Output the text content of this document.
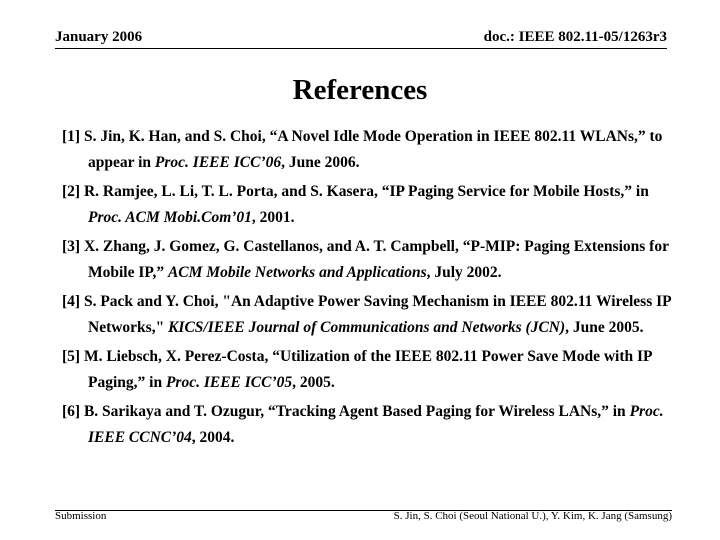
January 2006	doc.: IEEE 802.11-05/1263r3
References
[1] S. Jin, K. Han, and S. Choi, “A Novel Idle Mode Operation in IEEE 802.11 WLANs,” to appear in Proc. IEEE ICC’06, June 2006.
[2] R. Ramjee, L. Li, T. L. Porta, and S. Kasera, “IP Paging Service for Mobile Hosts,” in Proc. ACM Mobi.Com’01, 2001.
[3] X. Zhang, J. Gomez, G. Castellanos, and A. T. Campbell, “P-MIP: Paging Extensions for Mobile IP,” ACM Mobile Networks and Applications, July 2002.
[4] S. Pack and Y. Choi, "An Adaptive Power Saving Mechanism in IEEE 802.11 Wireless IP Networks," KICS/IEEE Journal of Communications and Networks (JCN), June 2005.
[5] M. Liebsch, X. Perez-Costa, “Utilization of the IEEE 802.11 Power Save Mode with IP Paging,” in Proc. IEEE ICC’05, 2005.
[6] B. Sarikaya and T. Ozugur, “Tracking Agent Based Paging for Wireless LANs,” in Proc. IEEE CCNC’04, 2004.
Submission	S. Jin, S. Choi (Seoul National U.), Y. Kim, K. Jang (Samsung)
